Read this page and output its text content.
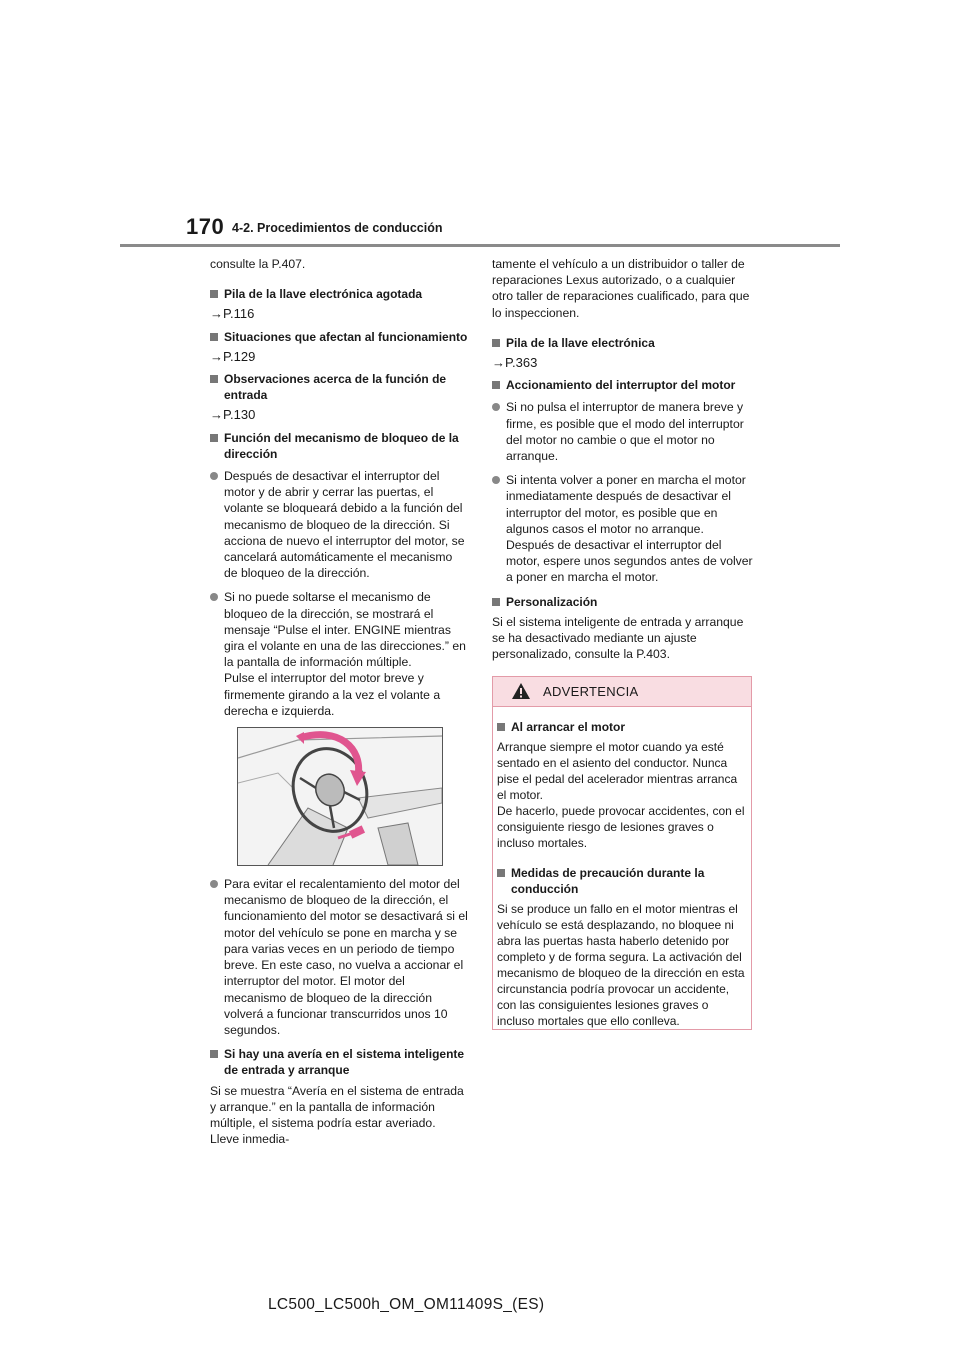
170 4-2. Procedimientos de conducción

consulte la P.407.

Pila de la llave electrónica agotada

→P.116

Situaciones que afectan al funcionamiento

→P.129

Observaciones acerca de la función de entrada

→P.130

Función del mecanismo de bloqueo de la dirección
Después de desactivar el interruptor del motor y de abrir y cerrar las puertas, el volante se bloqueará debido a la función del mecanismo de bloqueo de la dirección. Si acciona de nuevo el interruptor del motor, se cancelará automáticamente el mecanismo de bloqueo de la dirección.

Si no puede soltarse el mecanismo de bloqueo de la dirección, se mostrará el mensaje “Pulse el inter. ENGINE mientras gira el volante en una de las direcciones.” en la pantalla de información múltiple.

Pulse el interruptor del motor breve y firmemente girando a la vez el volante a derecha e izquierda.

Para evitar el recalentamiento del motor del mecanismo de bloqueo de la dirección, el funcionamiento del motor se desactivará si el motor del vehículo se pone en marcha y se para varias veces en un periodo de tiempo breve. En este caso, no vuelva a accionar el interruptor del motor. El motor del mecanismo de bloqueo de la dirección volverá a funcionar transcurridos unos 10 segundos.
Si hay una avería en el sistema inteligente de entrada y arranque

Si se muestra “Avería en el sistema de entrada y arranque.” en la pantalla de información múltiple, el sistema podría estar averiado. Lleve inmedia-

tamente el vehículo a un distribuidor o taller de reparaciones Lexus autorizado, o a cualquier otro taller de reparaciones cualificado, para que lo inspeccionen.

Pila de la llave electrónica

→P.363

Accionamiento del interruptor del motor
Si no pulsa el interruptor de manera breve y firme, es posible que el modo del interruptor del motor no cambie o que el motor no arranque.
Si intenta volver a poner en marcha el motor inmediatamente después de desactivar el interruptor del motor, es posible que en algunos casos el motor no arranque. Después de desactivar el interruptor del motor, espere unos segundos antes de volver a poner en marcha el motor.
Personalización

Si el sistema inteligente de entrada y arranque se ha desactivado mediante un ajuste personalizado, consulte la P.403.

ADVERTENCIA
Al arrancar el motor

Arranque siempre el motor cuando ya esté sentado en el asiento del conductor. Nunca pise el pedal del acelerador mientras arranca el motor.

De hacerlo, puede provocar accidentes, con el consiguiente riesgo de lesiones graves o incluso mortales.

Medidas de precaución durante la conducción

Si se produce un fallo en el motor mientras el vehículo se está desplazando, no bloquee ni abra las puertas hasta haberlo detenido por completo y de forma segura. La activación del mecanismo de bloqueo de la dirección en esta circunstancia podría provocar un accidente, con las consiguientes lesiones graves o incluso mortales que ello conlleva.

LC500_LC500h_OM_OM11409S_(ES)
